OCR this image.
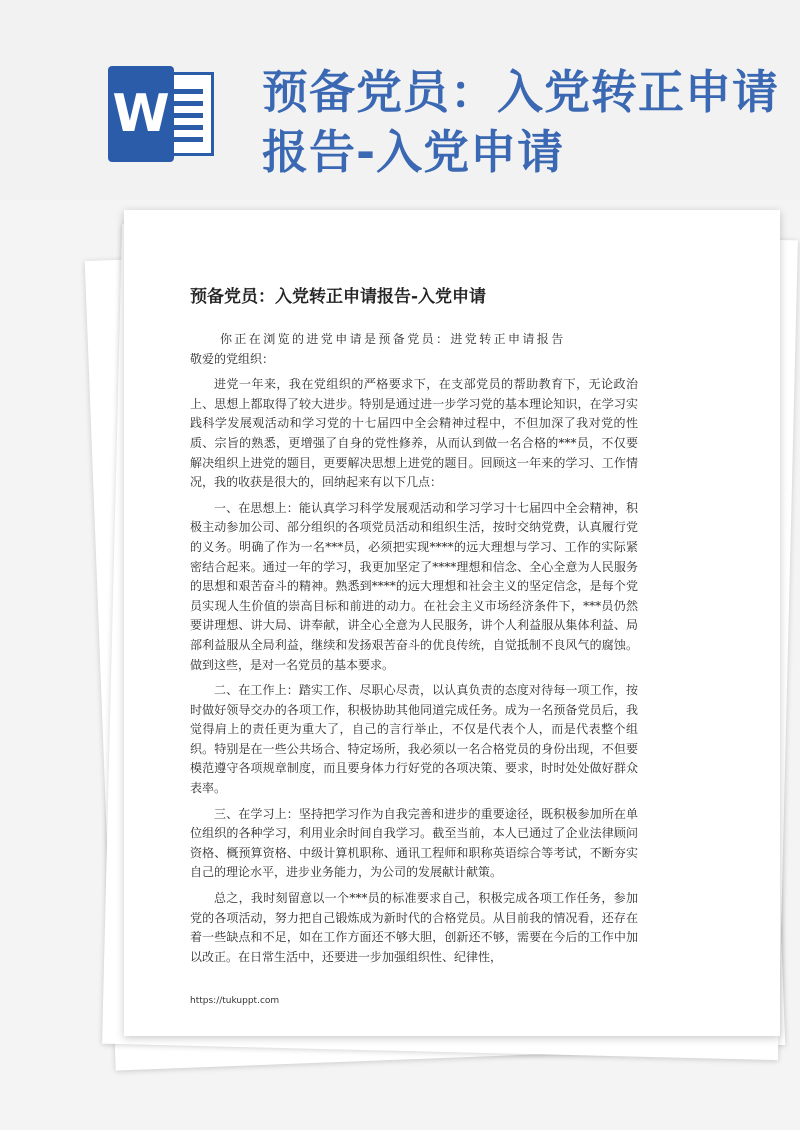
W 预备党员：入党转正申请报告-入党申请
预备党员：入党转正申请报告-入党申请

你正在浏览的进党申请是预备党员：进党转正申请报告

敬爱的党组织：

进党一年来，我在党组织的严格要求下，在支部党员的帮助教育下，无论政治上、思想上都取得了较大进步。特别是通过进一步学习党的基本理论知识，在学习实践科学发展观活动和学习党的十七届四中全会精神过程中，不但加深了我对党的性质、宗旨的熟悉，更增强了自身的党性修养，从而认到做一名合格的***员，不仅要解决组织上进党的题目，更要解决思想上进党的题目。回顾这一年来的学习、工作情况，我的收获是很大的，回纳起来有以下几点：

一、在思想上：能认真学习科学发展观活动和学习学习十七届四中全会精神，积极主动参加公司、部分组织的各项党员活动和组织生活，按时交纳党费，认真履行党的义务。明确了作为一名***员，必须把实现****的远大理想与学习、工作的实际紧密结合起来。通过一年的学习，我更加坚定了****理想和信念、全心全意为人民服务的思想和艰苦奋斗的精神。熟悉到****的远大理想和社会主义的坚定信念，是每个党员实现人生价值的崇高目标和前进的动力。在社会主义市场经济条件下，***员仍然要讲理想、讲大局、讲奉献，讲全心全意为人民服务，讲个人利益服从集体利益、局部利益服从全局利益，继续和发扬艰苦奋斗的优良传统，自觉抵制不良风气的腐蚀。做到这些，是对一名党员的基本要求。

二、在工作上：踏实工作、尽职心尽责，以认真负责的态度对待每一项工作，按时做好领导交办的各项工作，积极协助其他同道完成任务。成为一名预备党员后，我觉得肩上的责任更为重大了，自己的言行举止，不仅是代表个人，而是代表整个组织。特别是在一些公共场合、特定场所，我必须以一名合格党员的身份出现，不但要模范遵守各项规章制度，而且要身体力行好党的各项决策、要求，时时处处做好群众表率。

三、在学习上：坚持把学习作为自我完善和进步的重要途径，既积极参加所在单位组织的各种学习，利用业余时间自我学习。截至当前，本人已通过了企业法律顾问资格、概预算资格、中级计算机职称、通讯工程师和职称英语综合等考试，不断夯实自己的理论水平，进步业务能力，为公司的发展献计献策。

总之，我时刻留意以一个***员的标准要求自己，积极完成各项工作任务，参加党的各项活动，努力把自己锻炼成为新时代的合格党员。从目前我的情况看，还存在着一些缺点和不足，如在工作方面还不够大胆，创新还不够，需要在今后的工作中加以改正。在日常生活中，还要进一步加强组织性、纪律性，

https://tukuppt.com
